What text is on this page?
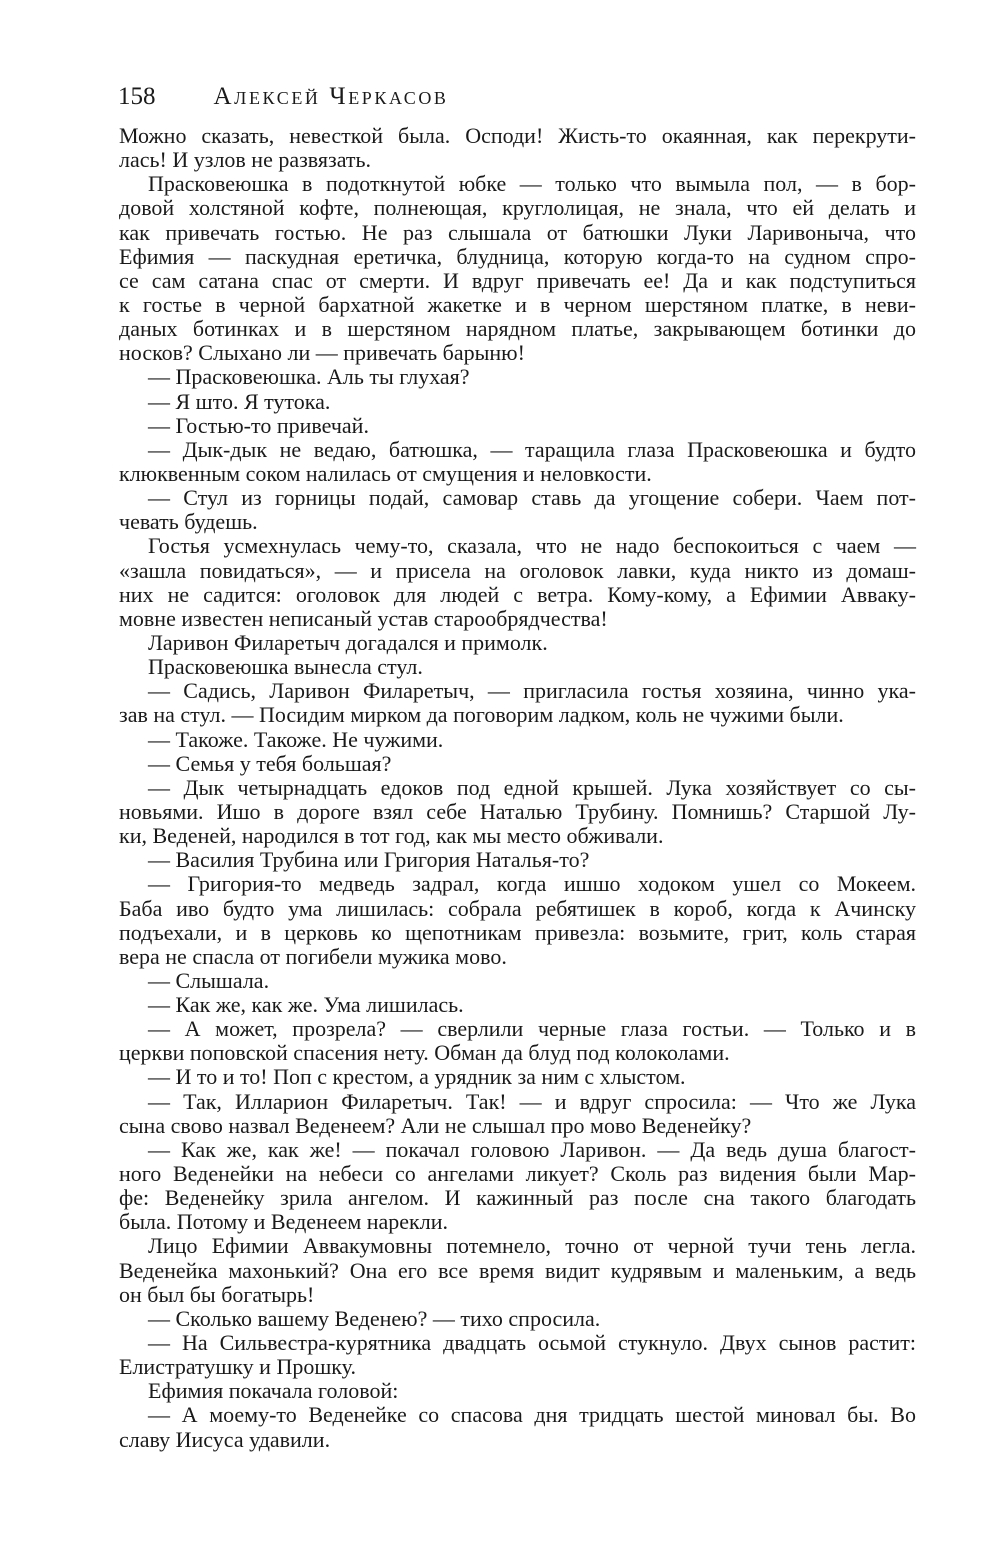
158 Алексей Черкасов
Можно сказать, невесткой была. Осподи! Жисть-то окаянная, как перекрути-
лась! И узлов не развязать.
Прасковеюшка в подоткнутой юбке — только что вымыла пол, — в бор-
довой холстяной кофте, полнеющая, круглолицая, не знала, что ей делать и
как привечать гостью. Не раз слышала от батюшки Луки Ларивоныча, что
Ефимия — паскудная еретичка, блудница, которую когда-то на судном спро-
се сам сатана спас от смерти. И вдруг привечать ее! Да и как подступиться
к гостье в черной бархатной жакетке и в черном шерстяном платке, в неви-
даных ботинках и в шерстяном нарядном платье, закрывающем ботинки до
носков? Слыхано ли — привечать барыню!
— Прасковеюшка. Аль ты глухая?
— Я што. Я тутока.
— Гостью-то привечай.
— Дык-дык не ведаю, батюшка, — таращила глаза Прасковеюшка и будто
клюквенным соком налилась от смущения и неловкости.
— Стул из горницы подай, самовар ставь да угощение собери. Чаем пот-
чевать будешь.
Гостья усмехнулась чему-то, сказала, что не надо беспокоиться с чаем —
«зашла повидаться», — и присела на оголовок лавки, куда никто из домаш-
них не садится: оголовок для людей с ветра. Кому-кому, а Ефимии Аввaку-
мовне известен неписаный устав старообрядчества!
Ларивон Филаретыч догадался и примолк.
Прасковеюшка вынесла стул.
— Садись, Ларивон Филаретыч, — пригласила гостья хозяина, чинно ука-
зав на стул. — Посидим мирком да поговорим ладком, коль не чужими были.
— Такоже. Такоже. Не чужими.
— Семья у тебя большая?
— Дык четырнадцать едоков под едной крышей. Лука хозяйствует со сы-
новьями. Ишо в дороге взял себе Наталью Трубину. Помнишь? Старшой Лу-
ки, Веденей, народился в тот год, как мы место обживали.
— Василия Трубина или Григория Наталья-то?
— Григория-то медведь задрал, когда ишшо ходоком ушел со Мокеем.
Баба иво будто ума лишилась: собрала ребятишек в короб, когда к Ачинску
подъехали, и в церковь ко щепотникам привезла: возьмите, грит, коль старая
вера не спасла от погибели мужика мово.
— Слышала.
— Как же, как же. Ума лишилась.
— А может, прозрела? — сверлили черные глаза гостьи. — Только и в
церкви поповской спасения нету. Обман да блуд под колоколами.
— И то и то! Поп с крестом, а урядник за ним с хлыстом.
— Так, Илларион Филаретыч. Так! — и вдруг спросила: — Что же Лука
сына свово назвал Веденеем? Али не слышал про мово Веденейку?
— Как же, как же! — покачал головою Ларивон. — Да ведь душа благост-
ного Веденейки на небеси со ангелами ликует? Сколь раз видения были Мар-
фе: Веденейку зрила ангелом. И кажинный раз после сна такого благодать
была. Потому и Веденеем нарекли.
Лицо Ефимии Аввакумовны потемнело, точно от черной тучи тень легла.
Веденейка махонький? Она его все время видит кудрявым и маленьким, а ведь
он был бы богатырь!
— Сколько вашему Веденею? — тихо спросила.
— На Сильвестра-курятника двадцать осьмой стукнуло. Двух сынов растит:
Елистратушку и Прошку.
Ефимия покачала головой:
— А моему-то Веденейке со спасова дня тридцать шестой миновал бы. Во
славу Иисуса удавили.
